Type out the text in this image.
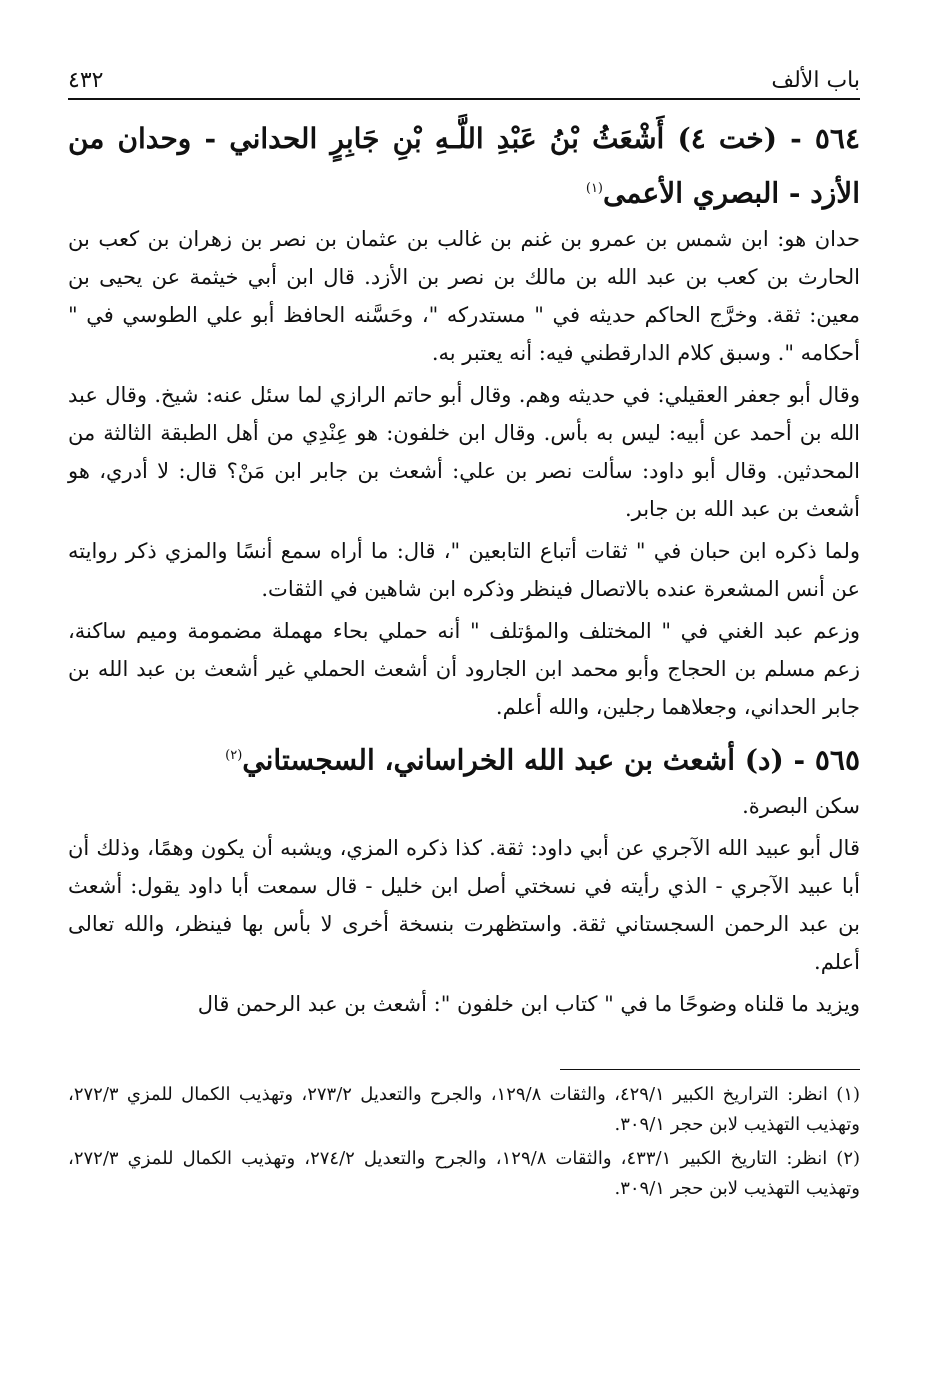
باب الألف
٤٣٢
٥٦٤ - (خت ٤) أَشْعَثُ بْنُ عَبْدِ اللَّـهِ بْنِ جَابِرٍ الحداني - وحدان من الأزد - البصري الأعمى$^{(١)}$

حدان هو: ابن شمس بن عمرو بن غنم بن غالب بن عثمان بن نصر بن زهران بن كعب بن الحارث بن كعب بن عبد الله بن مالك بن نصر بن الأزد. قال ابن أبي خيثمة عن يحيى بن معين: ثقة. وخرَّج الحاكم حديثه في " مستدركه "، وحَسَّنه الحافظ أبو علي الطوسي في " أحكامه ". وسبق كلام الدارقطني فيه: أنه يعتبر به.

وقال أبو جعفر العقيلي: في حديثه وهم. وقال أبو حاتم الرازي لما سئل عنه: شيخ. وقال عبد الله بن أحمد عن أبيه: ليس به بأس. وقال ابن خلفون: هو عِنْدِي من أهل الطبقة الثالثة من المحدثين. وقال أبو داود: سألت نصر بن علي: أشعث بن جابر ابن مَنْ؟ قال: لا أدري، هو أشعث بن عبد الله بن جابر.

ولما ذكره ابن حبان في " ثقات أتباع التابعين "، قال: ما أراه سمع أنسًا والمزي ذكر روايته عن أنس المشعرة عنده بالاتصال فينظر وذكره ابن شاهين في الثقات.

وزعم عبد الغني في " المختلف والمؤتلف " أنه حملي بحاء مهملة مضمومة وميم ساكنة، زعم مسلم بن الحجاج وأبو محمد ابن الجارود أن أشعث الحملي غير أشعث بن عبد الله بن جابر الحداني، وجعلاهما رجلين، والله أعلم.

٥٦٥ - (د) أشعث بن عبد الله الخراساني، السجستاني$^{(٢)}$

سكن البصرة.

قال أبو عبيد الله الآجري عن أبي داود: ثقة. كذا ذكره المزي، ويشبه أن يكون وهمًا، وذلك أن أبا عبيد الآجري - الذي رأيته في نسختي أصل ابن خليل - قال سمعت أبا داود يقول: أشعث بن عبد الرحمن السجستاني ثقة. واستظهرت بنسخة أخرى لا بأس بها فينظر، والله تعالى أعلم.

ويزيد ما قلناه وضوحًا ما في " كتاب ابن خلفون ": أشعث بن عبد الرحمن قال

(١) انظر: التراريخ الكبير ٤٢٩/١، والثقات ١٢٩/٨، والجرح والتعديل ٢٧٣/٢، وتهذيب الكمال للمزي ٢٧٢/٣، وتهذيب التهذيب لابن حجر ٣٠٩/١.

(٢) انظر: التاريخ الكبير ٤٣٣/١، والثقات ١٢٩/٨، والجرح والتعديل ٢٧٤/٢، وتهذيب الكمال للمزي ٢٧٢/٣، وتهذيب التهذيب لابن حجر ٣٠٩/١.
